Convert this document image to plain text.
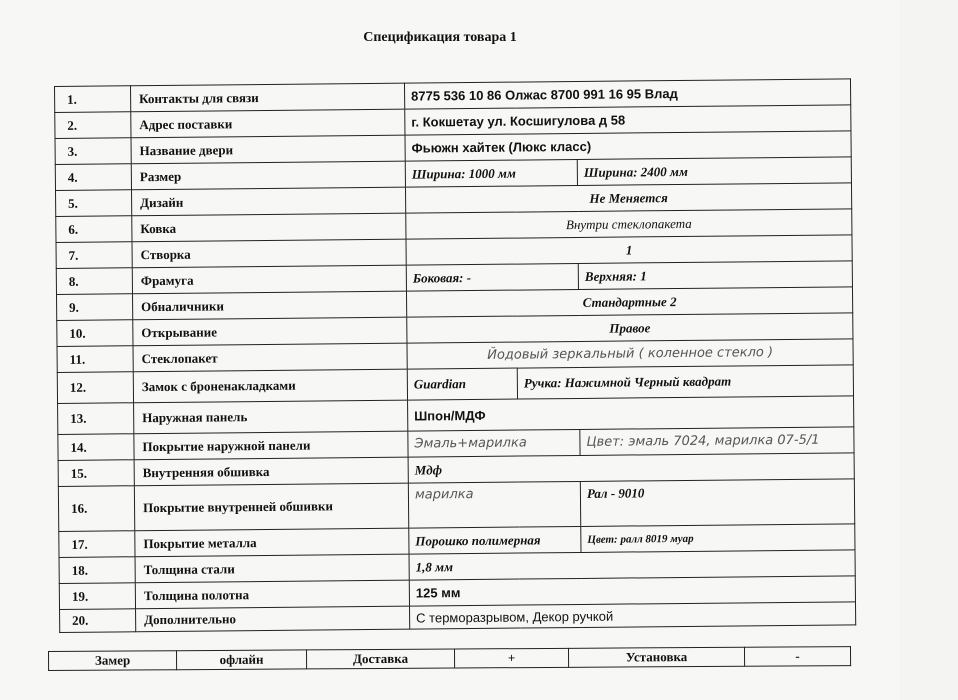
Спецификация товара 1
1.	Контакты для связи	8775 536 10 86 Олжас 8700 991 16 95 Влад		
2.	Адрес поставки	г. Кокшетау ул. Косшигулова д 58		
3.	Название двери	Фьюжн хайтек (Люкс класс)		
4.	Размер	Ширина: 1000 мм		Ширина: 2400 мм
5.	Дизайн	Не Меняется		
6.	Ковка	Внутри стеклопакета		
7.	Створка	1		
8.	Фрамуга	Боковая: -		Верхняя: 1
9.	Обналичники	Стандартные 2		
10.	Открывание	Правое		
11.	Стеклопакет	Йодовый зеркальный ( коленное стекло )		
12.	Замок с броненакладками	Guardian	Ручка: Нажимной Черный квадрат	
13.	Наружная панель	Шпон/МДФ		
14.	Покрытие наружной панели	Эмаль+марилка		Цвет: эмаль 7024, марилка 07-5/1
15.	Внутренняя обшивка	Мдф		
16.	Покрытие внутренней обшивки	марилка		Рал - 9010
17.	Покрытие металла	Порошко полимерная		Цвет: ралл 8019 муар
18.	Толщина стали	1,8 мм		
19.	Толщина полотна	125 мм		
20.	Дополнительно	С терморазрывом, Декор ручкой		
Замер	офлайн	Доставка	+	Установка	-
